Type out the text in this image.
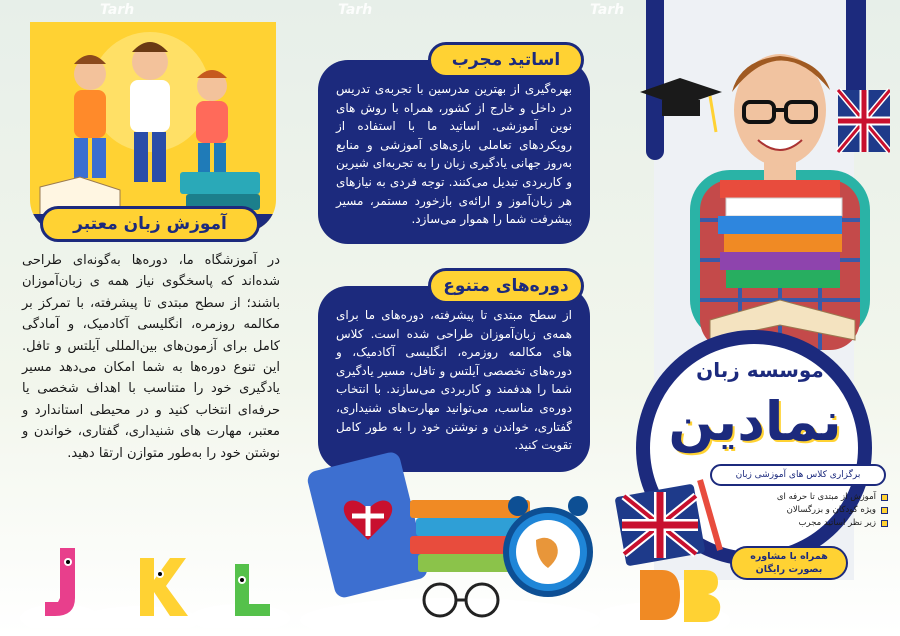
Tarh	Tarh	Tarh
آموزش زبان معتبر

در آموزشگاه ما، دوره‌ها به‌گونه‌ای طراحی شده‌اند که پاسخگوی نیاز همه ی زبان‌آموزان باشند؛ از سطح مبتدی تا پیشرفته، با تمرکز بر مکالمه روزمره، انگلیسی آکادمیک، و آمادگی کامل برای آزمون‌های بین‌المللی آیلتس و تافل. این تنوع دوره‌ها به شما امکان می‌دهد مسیر یادگیری خود را متناسب با اهداف شخصی یا حرفه‌ای انتخاب کنید و در محیطی استاندارد و معتبر، مهارت های شنیداری، گفتاری، خواندن و نوشتن خود را به‌طور متوازن ارتقا دهید.

بهره‌گیری از بهترین مدرسین با تجربه‌ی تدریس در داخل و خارج از کشور، همراه با روش های نوین آموزشی. اساتید ما با استفاده از رویکردهای تعاملی بازی‌های آموزشی و منابع به‌روز جهانی یادگیری زبان را به تجربه‌ای شیرین و کاربردی تبدیل می‌کنند. توجه فردی به نیازهای هر زبان‌آموز و ارائه‌ی بازخورد مستمر، مسیر پیشرفت شما را هموار می‌سازد.

اساتید مجرب

از سطح مبتدی تا پیشرفته، دوره‌های ما برای همه‌ی زبان‌آموزان طراحی شده است. کلاس های مکالمه روزمره، انگلیسی آکادمیک، و دوره‌های تخصصی آیلتس و تافل، مسیر یادگیری شما را هدفمند و کاربردی می‌سازند. با انتخاب دوره‌ی مناسب، می‌توانید مهارت‌های شنیداری، گفتاری، خواندن و نوشتن خود را به طور کامل تقویت کنید.

دوره‌های متنوع
موسسه زبان
نمادین
برگزاری کلاس های آموزشی زبان
آموزش از مبتدی تا حرفه ای
ویژه کودکان و بزرگسالان
زیر نظر اساتید مجرب
همراه با مشاوره
بصورت رایگان
